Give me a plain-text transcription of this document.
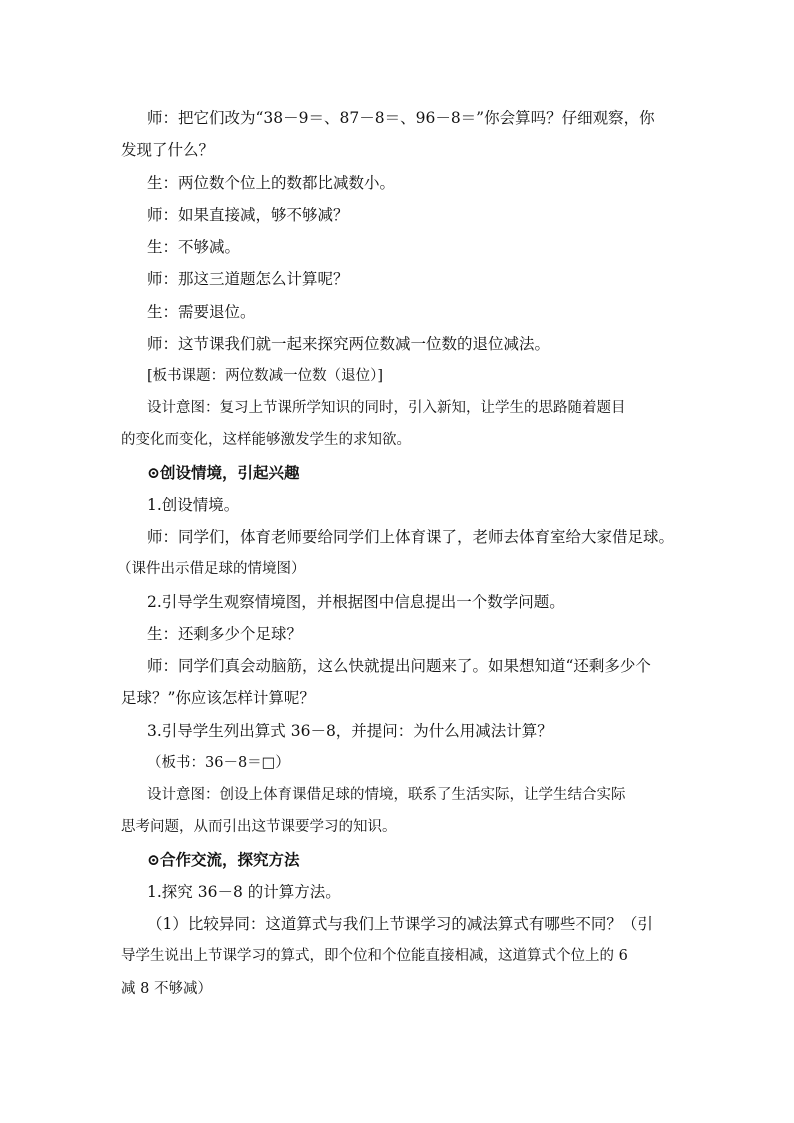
师：把它们改为“38－9＝、87－8＝、96－8＝”你会算吗？仔细观察，你
发现了什么？
生：两位数个位上的数都比减数小。
师：如果直接减，够不够减？
生：不够减。
师：那这三道题怎么计算呢？
生：需要退位。
师：这节课我们就一起来探究两位数减一位数的退位减法。
[板书课题：两位数减一位数（退位）]
设计意图：复习上节课所学知识的同时，引入新知，让学生的思路随着题目
的变化而变化，这样能够激发学生的求知欲。
⊙创设情境，引起兴趣
1.创设情境。
师：同学们，体育老师要给同学们上体育课了，老师去体育室给大家借足球。
（课件出示借足球的情境图）
2.引导学生观察情境图，并根据图中信息提出一个数学问题。
生：还剩多少个足球？
师：同学们真会动脑筋，这么快就提出问题来了。如果想知道“还剩多少个
足球？”你应该怎样计算呢？
3.引导学生列出算式 36－8，并提问：为什么用减法计算？
（板书：36－8＝□）
设计意图：创设上体育课借足球的情境，联系了生活实际，让学生结合实际
思考问题，从而引出这节课要学习的知识。
⊙合作交流，探究方法
1.探究 36－8 的计算方法。
（1）比较异同：这道算式与我们上节课学习的减法算式有哪些不同？（引
导学生说出上节课学习的算式，即个位和个位能直接相减，这道算式个位上的 6
减 8 不够减）
